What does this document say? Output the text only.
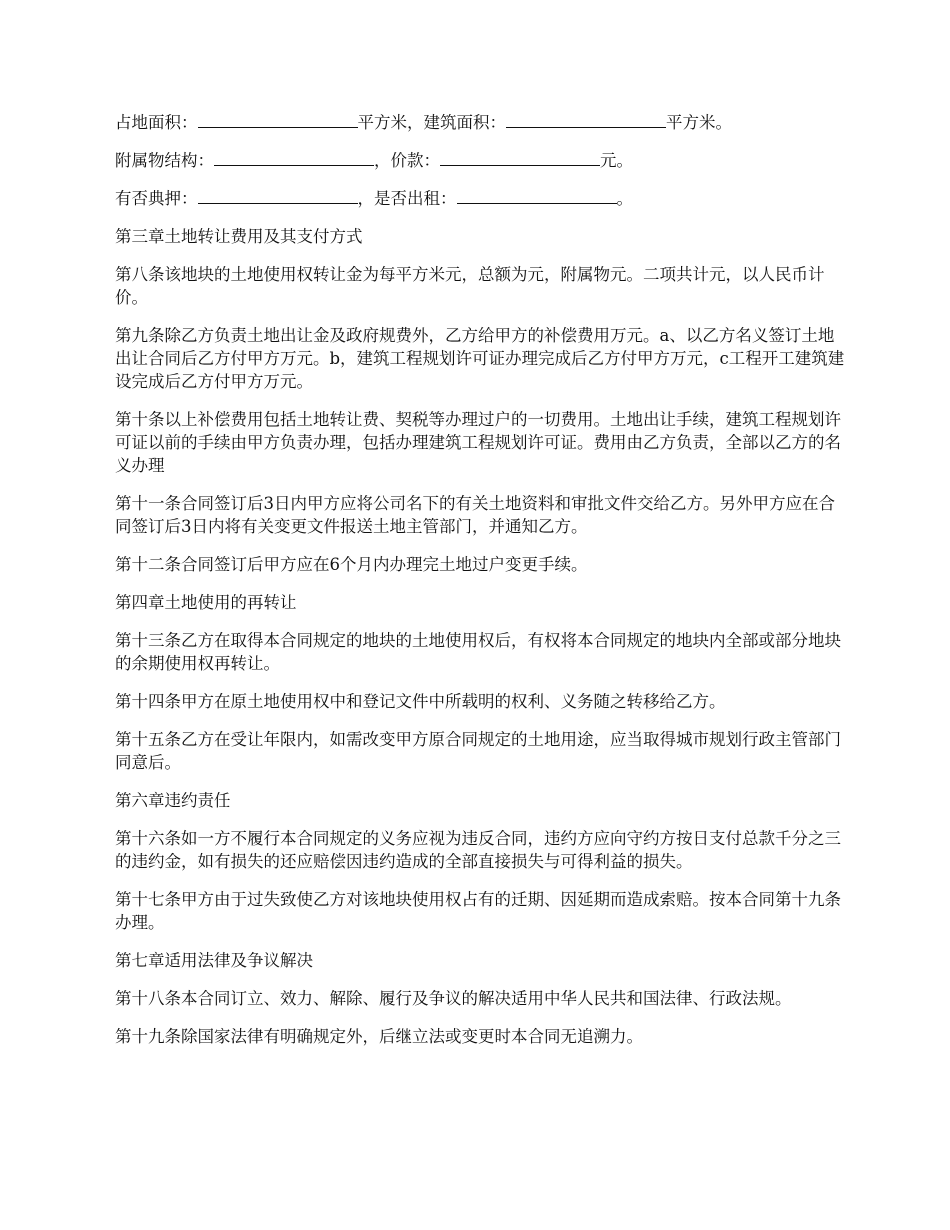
占地面积：	平方米，建筑面积：	平方米。

附属物结构：	，价款：	元。

有否典押：	，是否出租：	。

第三章土地转让费用及其支付方式

第八条该地块的土地使用权转让金为每平方米元，总额为元，附属物元。二项共计元，以人民币计价。

第九条除乙方负责土地出让金及政府规费外，乙方给甲方的补偿费用万元。a、以乙方名义签订土地出让合同后乙方付甲方万元。b，建筑工程规划许可证办理完成后乙方付甲方万元，c工程开工建筑建设完成后乙方付甲方万元。

第十条以上补偿费用包括土地转让费、契税等办理过户的一切费用。土地出让手续，建筑工程规划许可证以前的手续由甲方负责办理，包括办理建筑工程规划许可证。费用由乙方负责，全部以乙方的名义办理

第十一条合同签订后3日内甲方应将公司名下的有关土地资料和审批文件交给乙方。另外甲方应在合同签订后3日内将有关变更文件报送土地主管部门，并通知乙方。

第十二条合同签订后甲方应在6个月内办理完土地过户变更手续。

第四章土地使用的再转让

第十三条乙方在取得本合同规定的地块的土地使用权后，有权将本合同规定的地块内全部或部分地块的余期使用权再转让。

第十四条甲方在原土地使用权中和登记文件中所载明的权利、义务随之转移给乙方。

第十五条乙方在受让年限内，如需改变甲方原合同规定的土地用途，应当取得城市规划行政主管部门同意后。

第六章违约责任

第十六条如一方不履行本合同规定的义务应视为违反合同，违约方应向守约方按日支付总款千分之三的违约金，如有损失的还应赔偿因违约造成的全部直接损失与可得利益的损失。

第十七条甲方由于过失致使乙方对该地块使用权占有的迁期、因延期而造成索赔。按本合同第十九条办理。

第七章适用法律及争议解决

第十八条本合同订立、效力、解除、履行及争议的解决适用中华人民共和国法律、行政法规。

第十九条除国家法律有明确规定外，后继立法或变更时本合同无追溯力。
